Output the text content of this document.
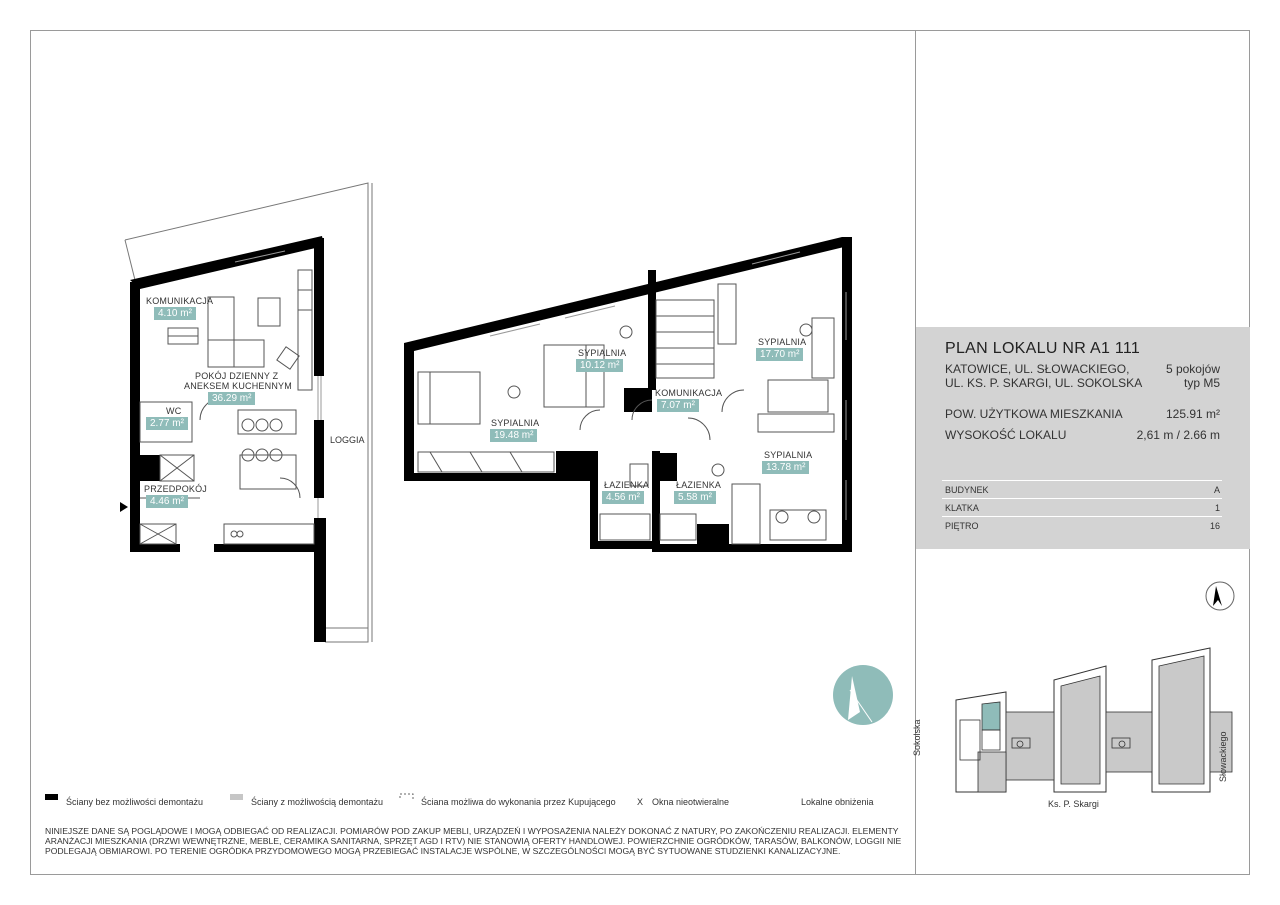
KOMUNIKACJA
4.10 m²
POKÓJ DZIENNY Z
ANEKSEM KUCHENNYM
36.29 m²
WC
2.77 m²
PRZEDPOKÓJ
4.46 m²
LOGGIA
SYPIALNIA
19.48 m²
SYPIALNIA
10.12 m²
KOMUNIKACJA
7.07 m²
SYPIALNIA
17.70 m²
SYPIALNIA
13.78 m²
ŁAZIENKA
4.56 m²
ŁAZIENKA
5.58 m²
PLAN LOKALU NR A1 111
KATOWICE, UL. SŁOWACKIEGO,
UL. KS. P. SKARGI, UL. SOKOLSKA
5 pokojów
typ M5
POW. UŻYTKOWA MIESZKANIA	125.91 m²
WYSOKOŚĆ LOKALU	2,61 m / 2.66 m
BUDYNEK	A
KLATKA	1
PIĘTRO	16
Sokolska
Ks. P. Skargi
Słowackiego
Ściany bez możliwości demontażu	Ściany z możliwością demontażu	Ściana możliwa do wykonania przez Kupującego X Okna nieotwieralne	Lokalne obniżenia
NINIEJSZE DANE SĄ POGLĄDOWE I MOGĄ ODBIEGAĆ OD REALIZACJI. POMIARÓW POD ZAKUP MEBLI, URZĄDZEŃ I WYPOSAŻENIA NALEŻY DOKONAĆ Z NATURY, PO ZAKOŃCZENIU REALIZACJI. ELEMENTY ARANŻACJI MIESZKANIA (DRZWI WEWNĘTRZNE, MEBLE, CERAMIKA SANITARNA, SPRZĘT AGD I RTV) NIE STANOWIĄ OFERTY HANDLOWEJ. POWIERZCHNIE OGRÓDKÓW, TARASÓW, BALKONÓW, LOGGII NIE PODLEGAJĄ OBMIAROWI. PO TERENIE OGRÓDKA PRZYDOMOWEGO MOGĄ PRZEBIEGAĆ INSTALACJE WSPÓLNE, W SZCZEGÓLNOŚCI MOGĄ BYĆ SYTUOWANE STUDZIENKI KANALIZACYJNE.
